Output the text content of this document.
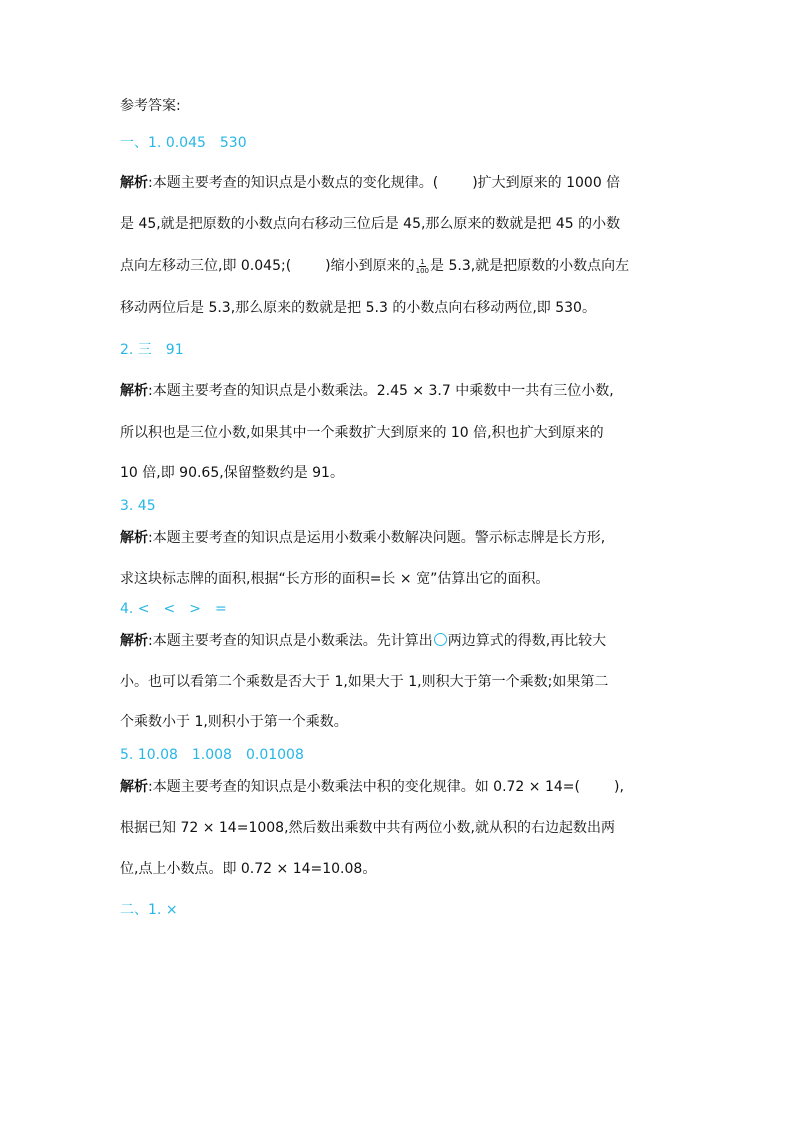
参考答案:
一、1. 0.045　530
解析:本题主要考查的知识点是小数点的变化规律。( )扩大到原来的 1000 倍
是 45,就是把原数的小数点向右移动三位后是 45,那么原来的数就是把 45 的小数
点向左移动三位,即 0.045;( )缩小到原来的 $\frac{1}{100}$ 是 5.3,就是把原数的小数点向左
移动两位后是 5.3,那么原来的数就是把 5.3 的小数点向右移动两位,即 530。
2. 三　91
解析:本题主要考查的知识点是小数乘法。2.45 × 3.7 中乘数中一共有三位小数,
所以积也是三位小数,如果其中一个乘数扩大到原来的 10 倍,积也扩大到原来的
10 倍,即 90.65,保留整数约是 91。
3. 45
解析:本题主要考查的知识点是运用小数乘小数解决问题。警示标志牌是长方形,
求这块标志牌的面积,根据“长方形的面积=长 × 宽”估算出它的面积。
4. <　<　>　=
解析:本题主要考查的知识点是小数乘法。先计算出 两边算式的得数,再比较大
小。也可以看第二个乘数是否大于 1,如果大于 1,则积大于第一个乘数;如果第二
个乘数小于 1,则积小于第一个乘数。
5. 10.08　1.008　0.01008
解析:本题主要考查的知识点是小数乘法中积的变化规律。如 0.72 × 14=( ),
根据已知 72 × 14=1008,然后数出乘数中共有两位小数,就从积的右边起数出两
位,点上小数点。即 0.72 × 14=10.08。
二、1. ×
